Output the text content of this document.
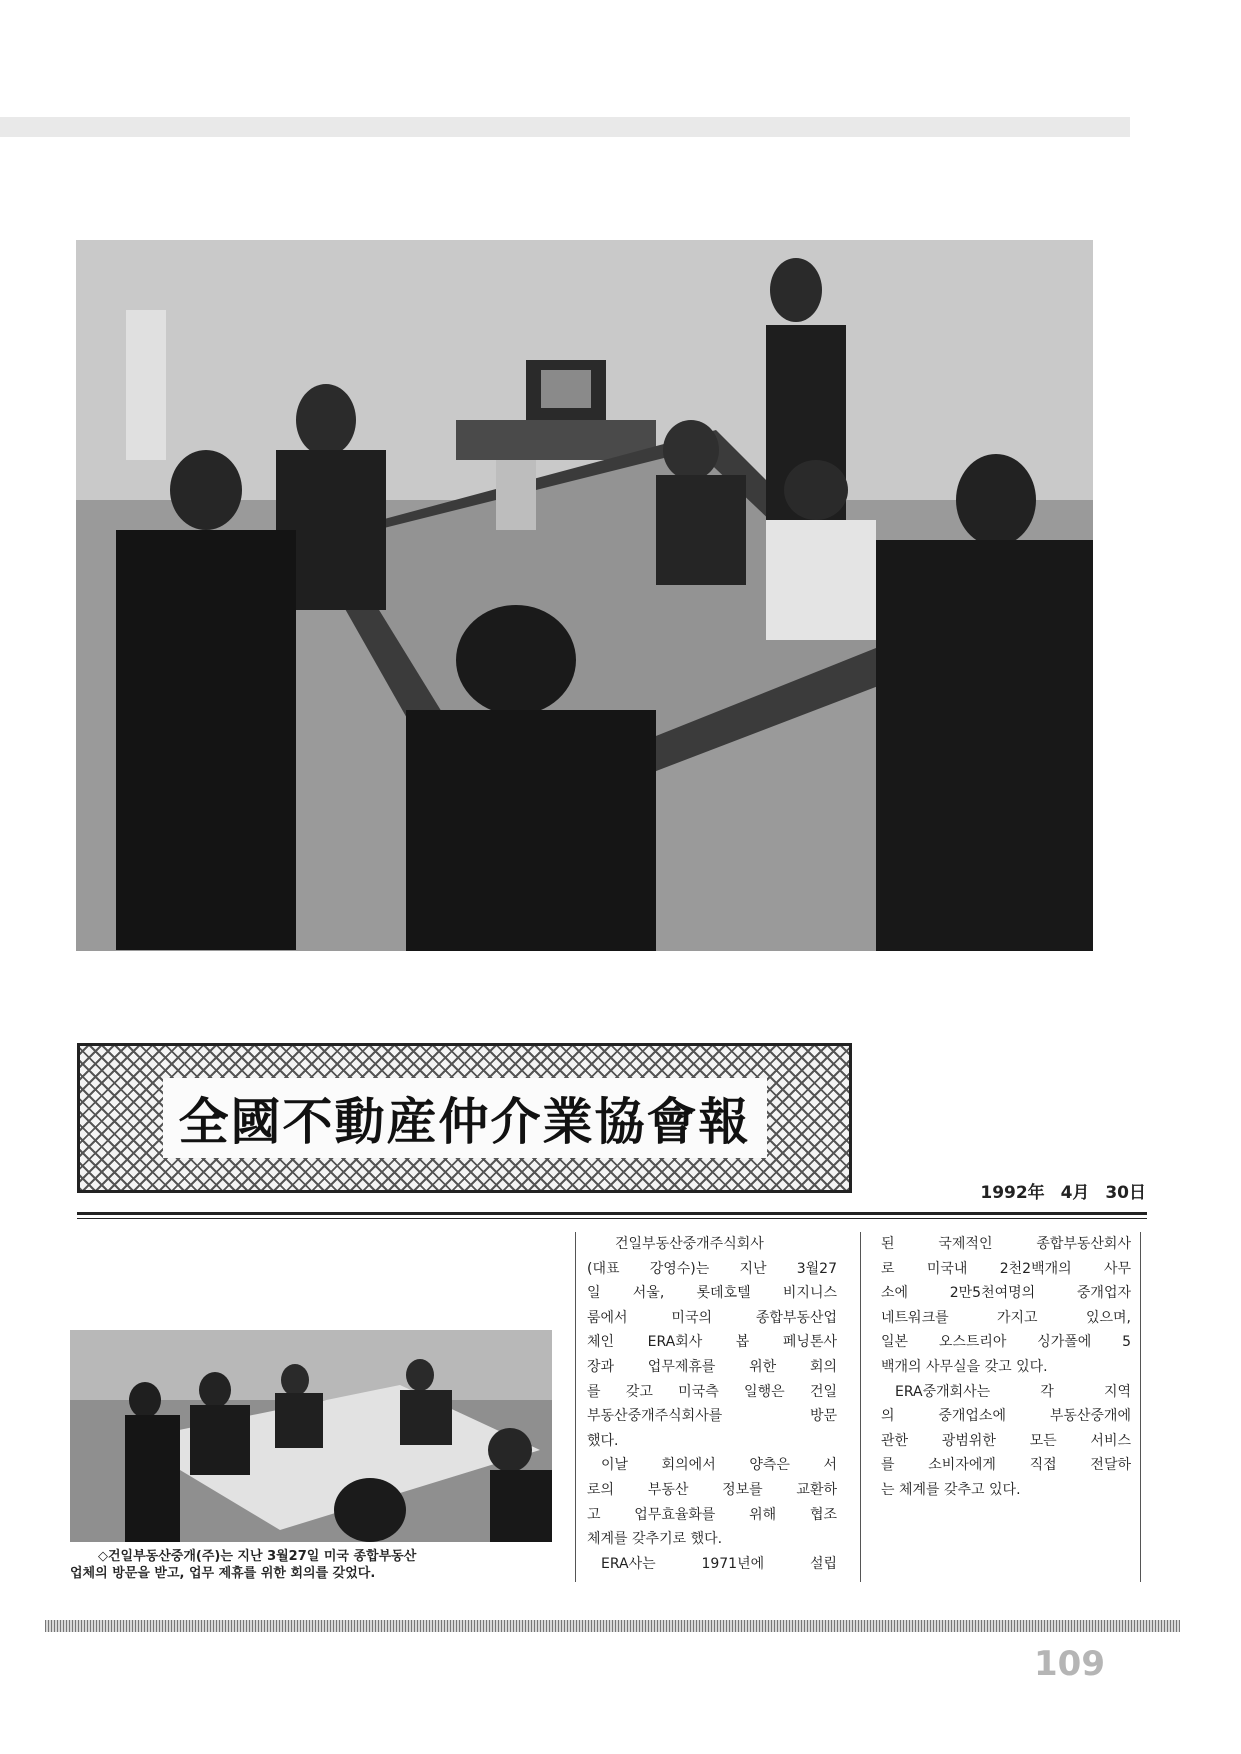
全國不動産仲介業協會報
1992年 4月 30日
◇건일부동산중개(주)는 지난 3월27일 미국 종합부동산
업체의 방문을 받고, 업무 제휴를 위한 회의를 갖었다.

건일부동산중개주식회사
(대표 강영수)는 지난 3월27
일 서울, 롯데호텔 비지니스
룸에서 미국의 종합부동산업
체인 ERA회사 봅 페닝톤사
장과 업무제휴를 위한 회의
를 갖고 미국측 일행은 건일
부동산중개주식회사를 방문
했다.

이날 회의에서 양측은 서
로의 부동산 정보를 교환하
고 업무효율화를 위해 협조
체계를 갖추기로 했다.

ERA사는 1971년에 설립

된 국제적인 종합부동산회사
로 미국내 2천2백개의 사무
소에 2만5천여명의 중개업자
네트워크를 가지고 있으며,
일본 오스트리아 싱가폴에 5
백개의 사무실을 갖고 있다.

ERA중개회사는 각 지역
의 중개업소에 부동산중개에
관한 광범위한 모든 서비스
를 소비자에게 직접 전달하
는 체계를 갖추고 있다.

109
